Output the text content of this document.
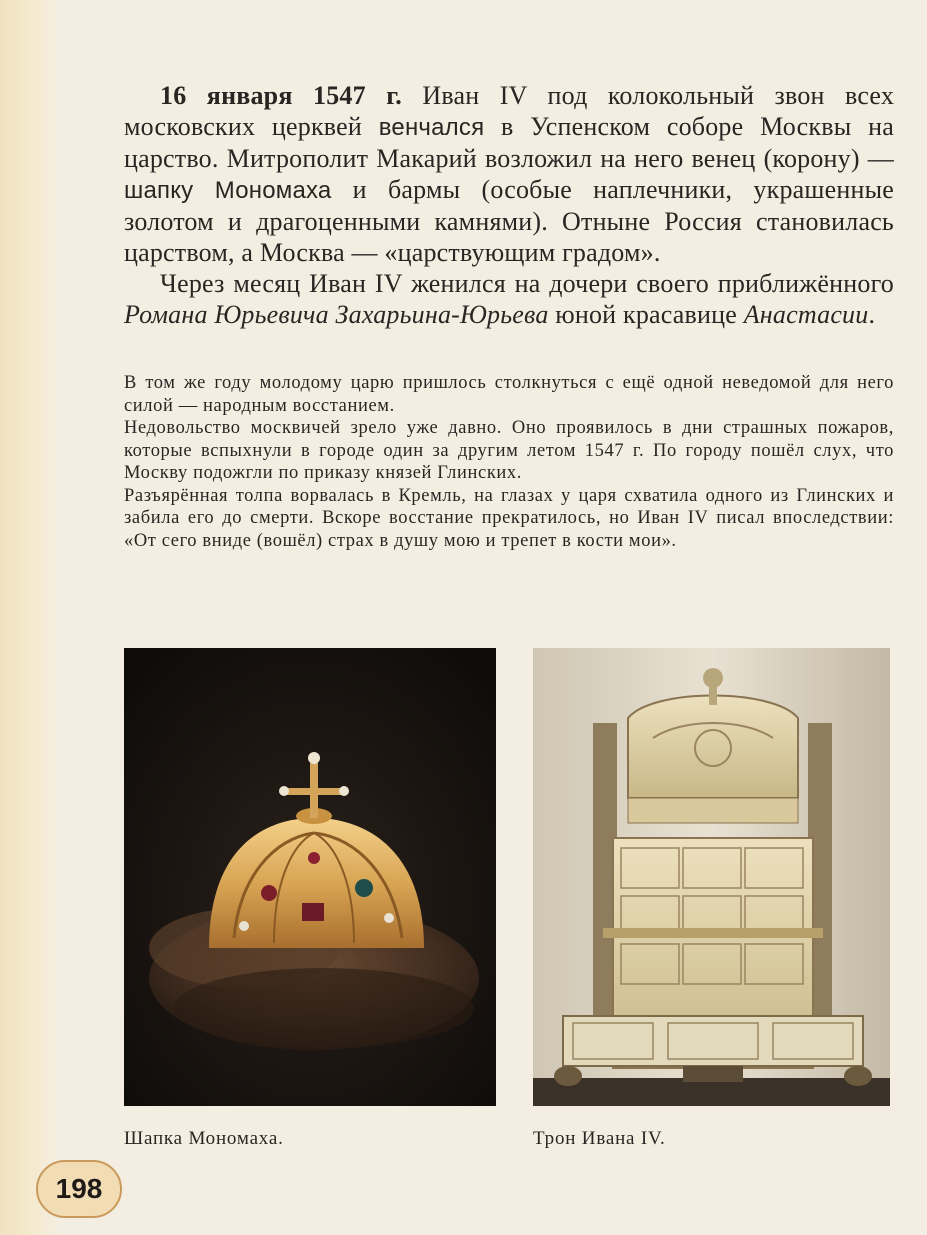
16 января 1547 г. Иван IV под колокольный звон всех московских церквей венчался в Успенском соборе Москвы на царство. Митрополит Макарий возложил на него венец (корону) — шапку Мономаха и бармы (особые наплечники, украшенные золотом и драгоценными камнями). Отныне Россия становилась царством, а Москва — «царствующим градом».

Через месяц Иван IV женился на дочери своего приближённого Романа Юрьевича Захарьина-Юрьева юной красавице Анастасии.

В том же году молодому царю пришлось столкнуться с ещё одной неведомой для него силой — народным восстанием.

Недовольство москвичей зрело уже давно. Оно проявилось в дни страшных пожаров, которые вспыхнули в городе один за другим летом 1547 г. По городу пошёл слух, что Москву подожгли по приказу князей Глинских.

Разъярённая толпа ворвалась в Кремль, на глазах у царя схватила одного из Глинских и забила его до смерти. Вскоре восстание прекратилось, но Иван IV писал впоследствии: «От сего вниде (вошёл) страх в душу мою и трепет в кости мои».

Шапка Мономаха.	Трон Ивана IV.
198
